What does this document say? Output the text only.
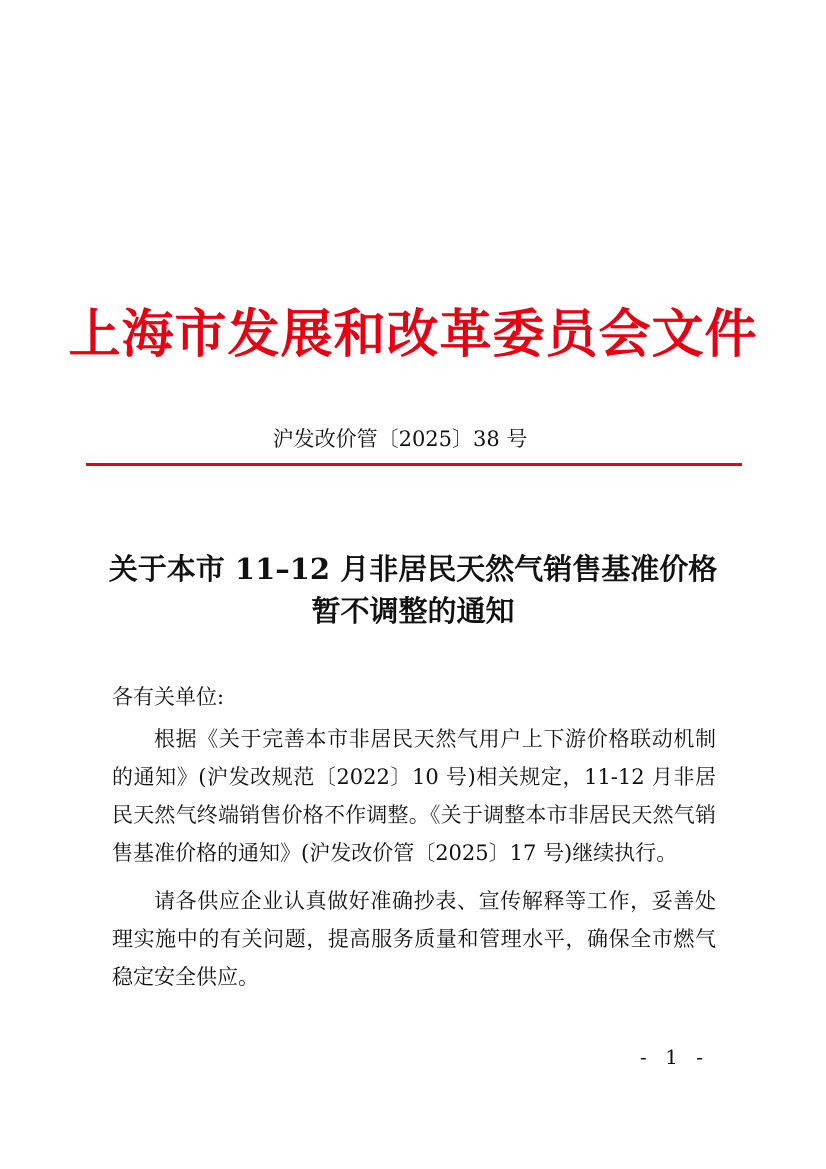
上海市发展和改革委员会文件
沪发改价管〔2025〕38 号
关于本市 11–12 月非居民天然气销售基准价格
暂不调整的通知
各有关单位:

根据《关于完善本市非居民天然气用户上下游价格联动机制的通知》(沪发改规范〔2022〕10 号)相关规定，11-12 月非居民天然气终端销售价格不作调整。《关于调整本市非居民天然气销售基准价格的通知》(沪发改价管〔2025〕17 号)继续执行。

请各供应企业认真做好准确抄表、宣传解释等工作，妥善处理实施中的有关问题，提高服务质量和管理水平，确保全市燃气稳定安全供应。

- 1 -
